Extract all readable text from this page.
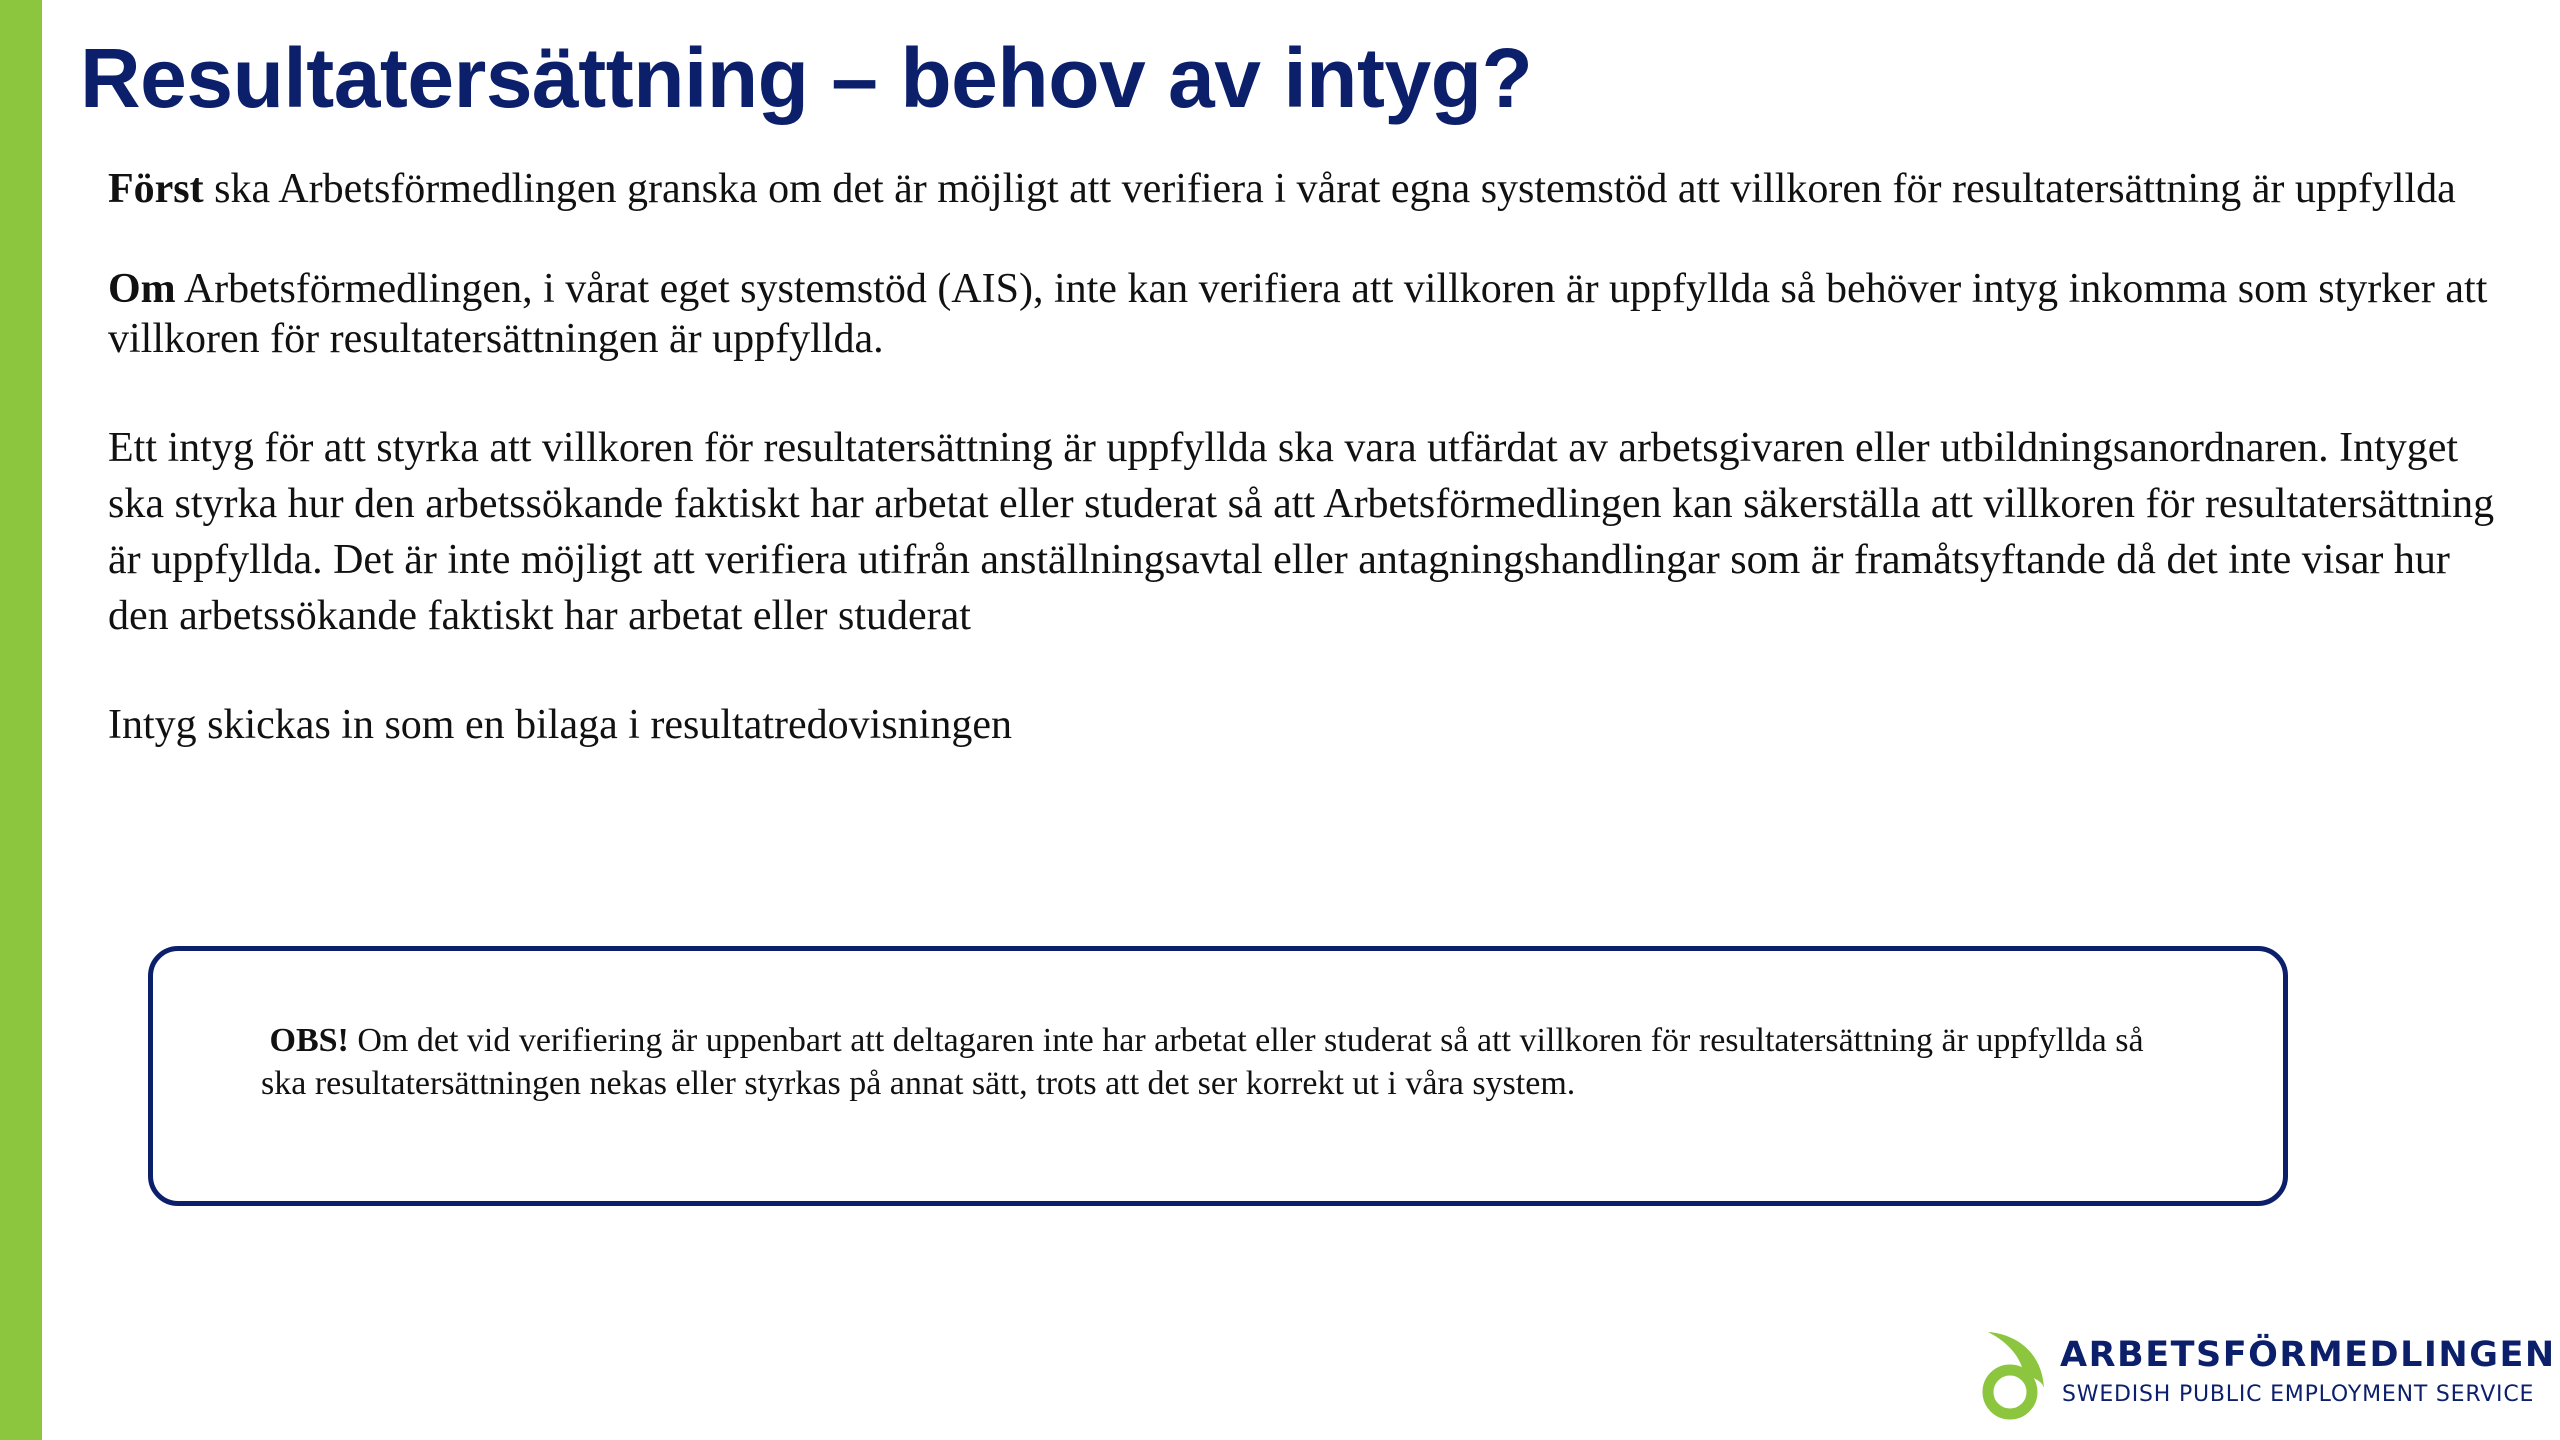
Resultatersättning – behov av intyg?

Först ska Arbetsförmedlingen granska om det är möjligt att verifiera i vårat egna systemstöd att villkoren för resultatersättning är uppfyllda

Om Arbetsförmedlingen, i vårat eget systemstöd (AIS), inte kan verifiera att villkoren är uppfyllda så behöver intyg inkomma som styrker att villkoren för resultatersättningen är uppfyllda.

Ett intyg för att styrka att villkoren för resultatersättning är uppfyllda ska vara utfärdat av arbetsgivaren eller utbildningsanordnaren. Intyget ska styrka hur den arbetssökande faktiskt har arbetat eller studerat så att Arbetsförmedlingen kan säkerställa att villkoren för resultatersättning är uppfyllda. Det är inte möjligt att verifiera utifrån anställningsavtal eller antagningshandlingar som är framåtsyftande då det inte visar hur den arbetssökande faktiskt har arbetat eller studerat

Intyg skickas in som en bilaga i resultatredovisningen

OBS! Om det vid verifiering är uppenbart att deltagaren inte har arbetat eller studerat så att villkoren för resultatersättning är uppfyllda så ska resultatersättningen nekas eller styrkas på annat sätt, trots att det ser korrekt ut i våra system.

ARBETSFÖRMEDLINGEN

SWEDISH PUBLIC EMPLOYMENT SERVICE
